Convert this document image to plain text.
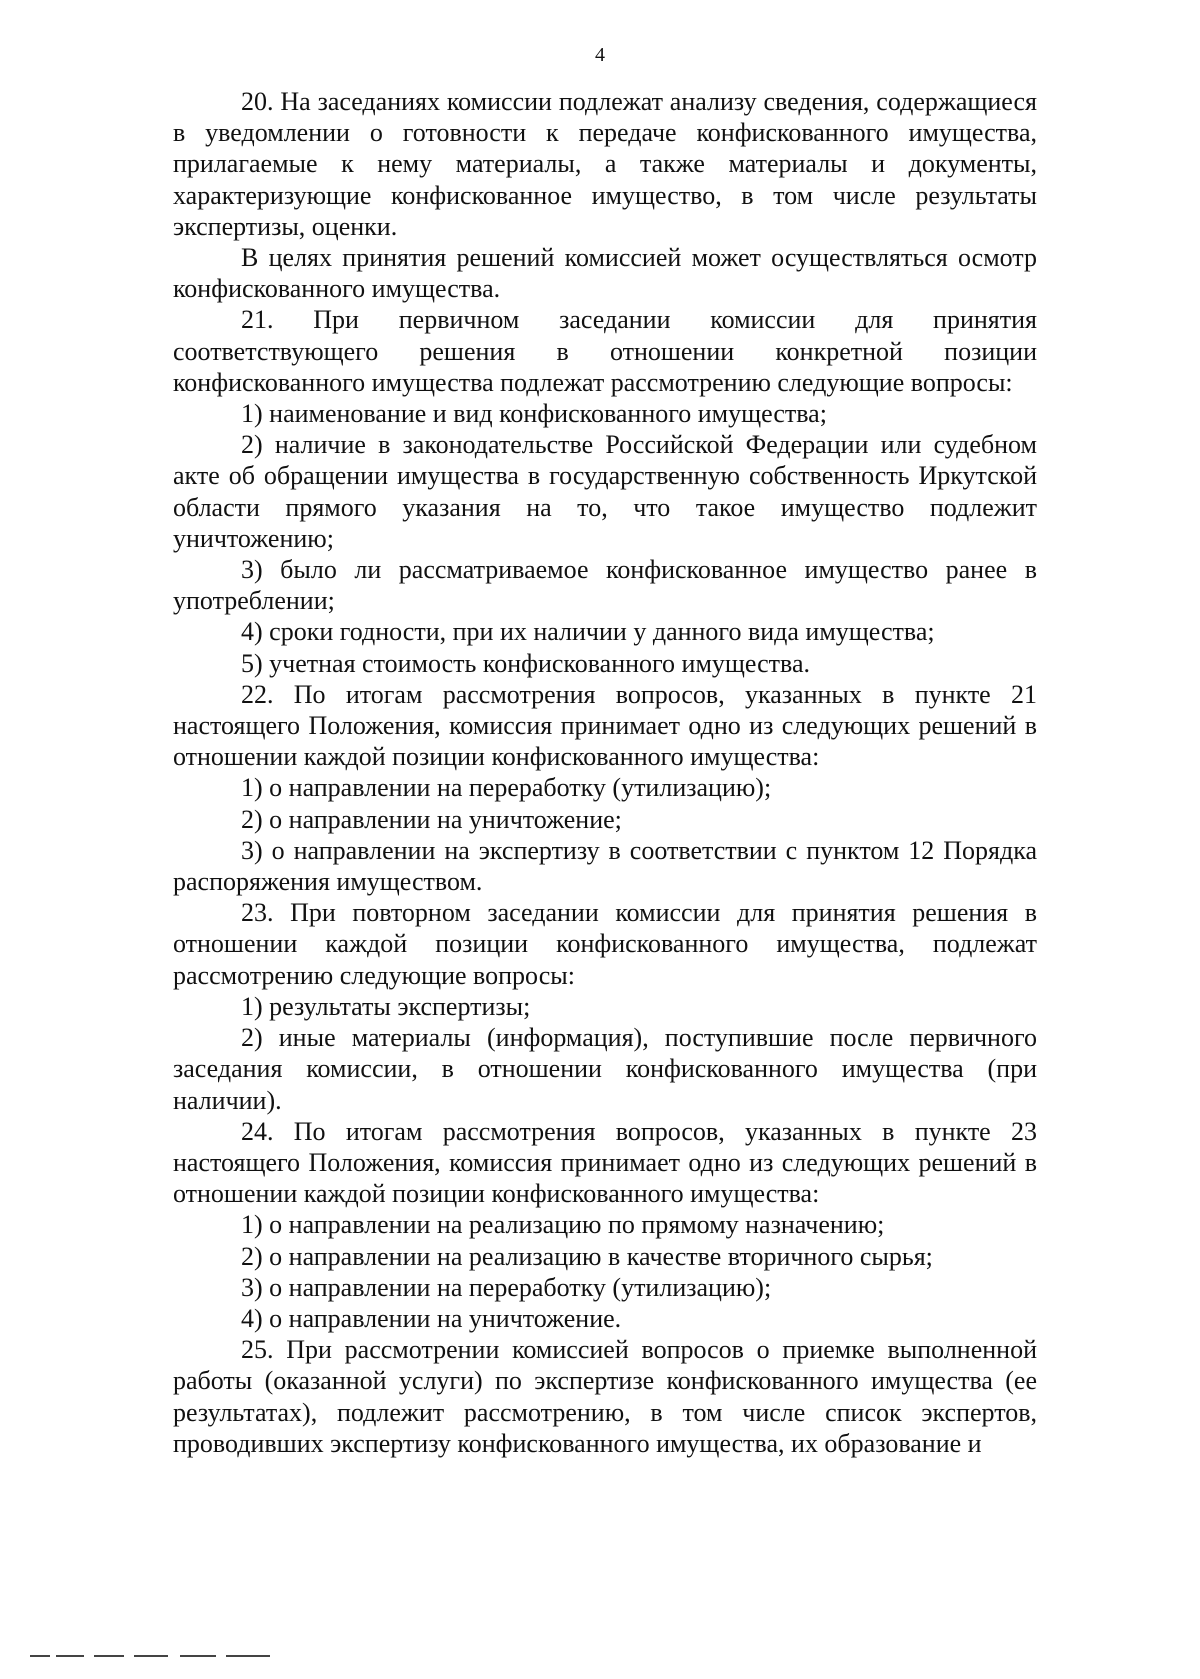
4

20. На заседаниях комиссии подлежат анализу сведения, содержащиеся в уведомлении о готовности к передаче конфискованного имущества, прилагаемые к нему материалы, а также материалы и документы, характеризующие конфискованное имущество, в том числе результаты экспертизы, оценки.

В целях принятия решений комиссией может осуществляться осмотр конфискованного имущества.

21. При первичном заседании комиссии для принятия соответствующего решения в отношении конкретной позиции конфискованного имущества подлежат рассмотрению следующие вопросы:

1) наименование и вид конфискованного имущества;

2) наличие в законодательстве Российской Федерации или судебном акте об обращении имущества в государственную собственность Иркутской области прямого указания на то, что такое имущество подлежит уничтожению;

3) было ли рассматриваемое конфискованное имущество ранее в употреблении;

4) сроки годности, при их наличии у данного вида имущества;

5) учетная стоимость конфискованного имущества.

22. По итогам рассмотрения вопросов, указанных в пункте 21 настоящего Положения, комиссия принимает одно из следующих решений в отношении каждой позиции конфискованного имущества:

1) о направлении на переработку (утилизацию);

2) о направлении на уничтожение;

3) о направлении на экспертизу в соответствии с пунктом 12 Порядка распоряжения имуществом.

23. При повторном заседании комиссии для принятия решения в отношении каждой позиции конфискованного имущества, подлежат рассмотрению следующие вопросы:

1) результаты экспертизы;

2) иные материалы (информация), поступившие после первичного заседания комиссии, в отношении конфискованного имущества (при наличии).

24. По итогам рассмотрения вопросов, указанных в пункте 23 настоящего Положения, комиссия принимает одно из следующих решений в отношении каждой позиции конфискованного имущества:

1) о направлении на реализацию по прямому назначению;

2) о направлении на реализацию в качестве вторичного сырья;

3) о направлении на переработку (утилизацию);

4) о направлении на уничтожение.

25. При рассмотрении комиссией вопросов о приемке выполненной работы (оказанной услуги) по экспертизе конфискованного имущества (ее результатах), подлежит рассмотрению, в том числе список экспертов, проводивших экспертизу конфискованного имущества, их образование и
